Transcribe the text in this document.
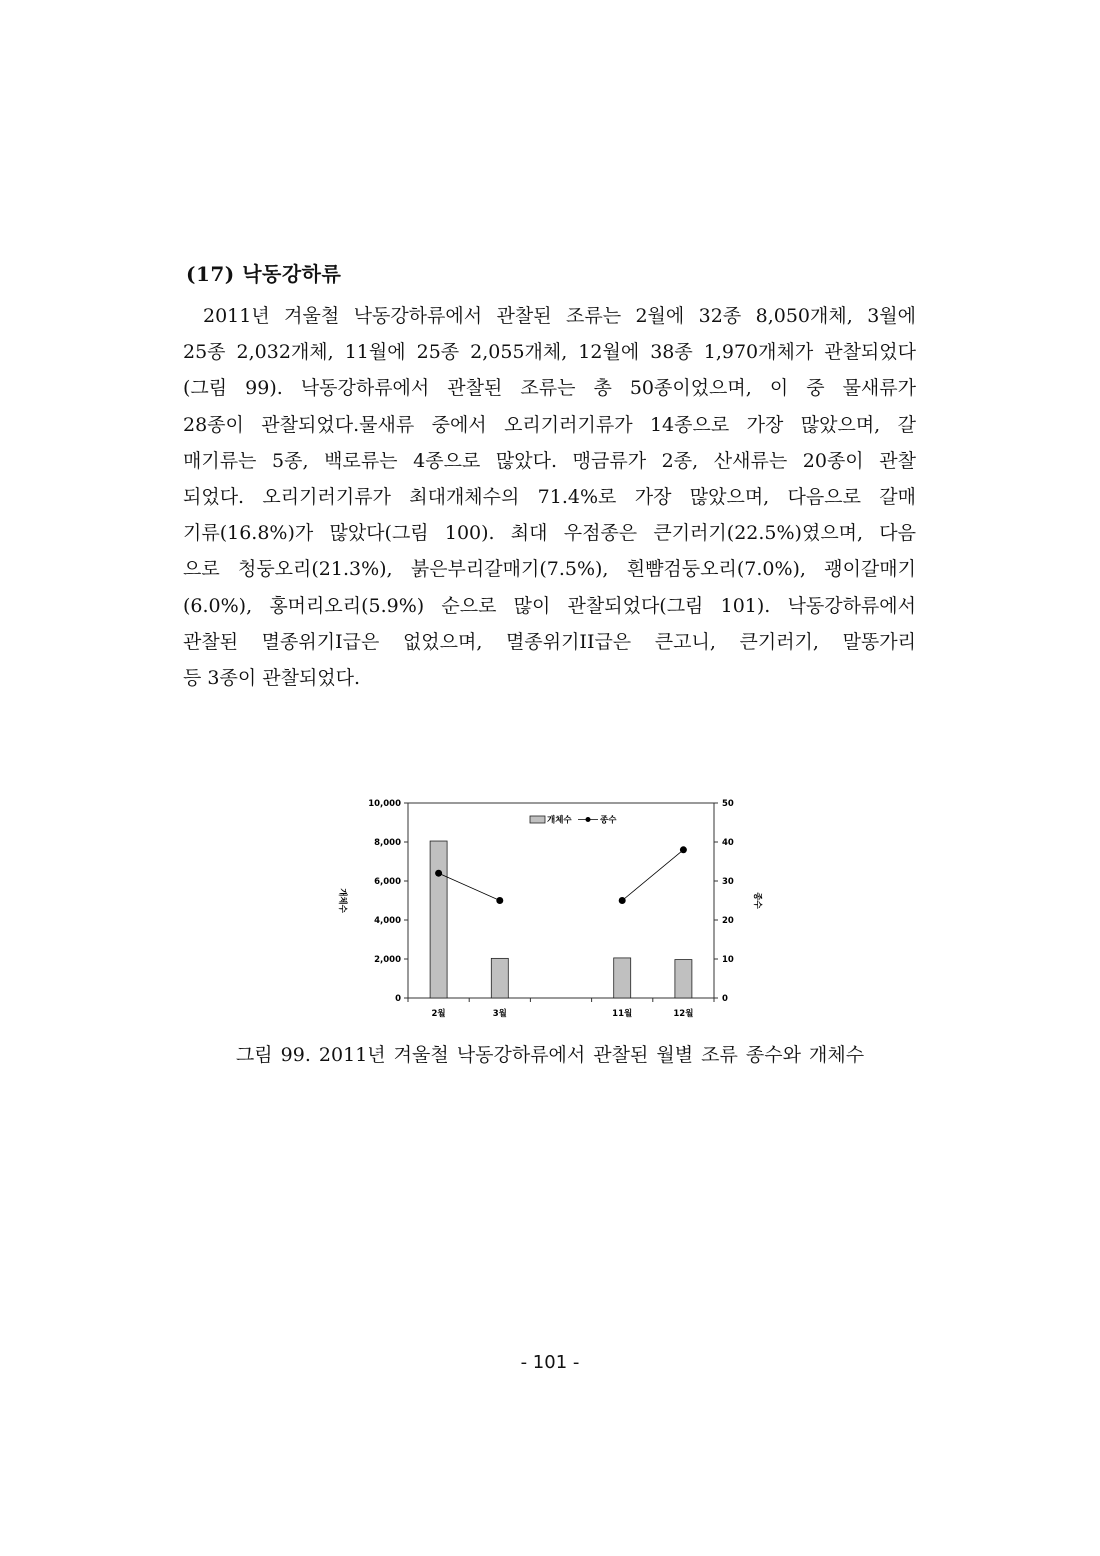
(17) 낙동강하류
2011년 겨울철 낙동강하류에서 관찰된 조류는 2월에 32종 8,050개체, 3월에
25종 2,032개체, 11월에 25종 2,055개체, 12월에 38종 1,970개체가 관찰되었다
(그림 99). 낙동강하류에서 관찰된 조류는 총 50종이었으며, 이 중 물새류가
28종이 관찰되었다.물새류 중에서 오리기러기류가 14종으로 가장 많았으며, 갈
매기류는 5종, 백로류는 4종으로 많았다. 맹금류가 2종, 산새류는 20종이 관찰
되었다. 오리기러기류가 최대개체수의 71.4%로 가장 많았으며, 다음으로 갈매
기류(16.8%)가 많았다(그림 100). 최대 우점종은 큰기러기(22.5%)였으며, 다음
으로 청둥오리(21.3%), 붉은부리갈매기(7.5%), 흰뺨검둥오리(7.0%), 괭이갈매기
(6.0%), 홍머리오리(5.9%) 순으로 많이 관찰되었다(그림 101). 낙동강하류에서
관찰된 멸종위기I급은 없었으며, 멸종위기II급은 큰고니, 큰기러기, 말똥가리
등 3종이 관찰되었다.
0
2,000
4,000
6,000
8,000
10,000
0
10
20
30
40
50
2월	3월	11월	12월
개체수	종수
개체수	종수
그림 99. 2011년 겨울철 낙동강하류에서 관찰된 월별 조류 종수와 개체수
- 101 -
